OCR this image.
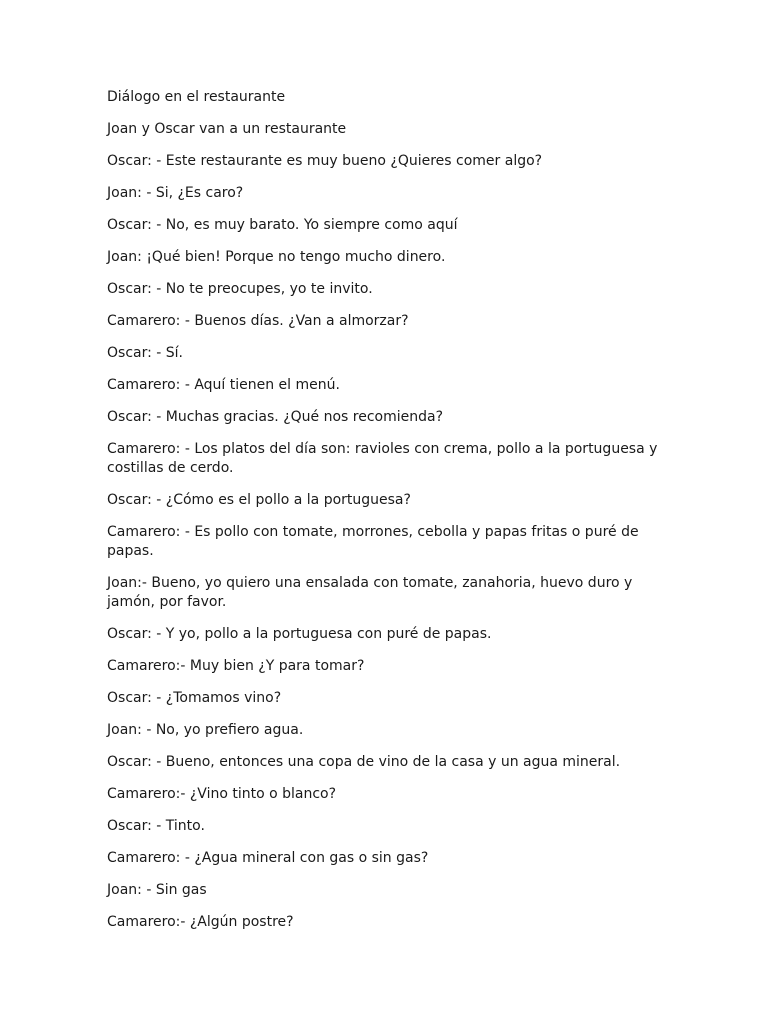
Diálogo en el restaurante

Joan y Oscar van a un restaurante

Oscar: - Este restaurante es muy bueno ¿Quieres comer algo?

Joan: - Si, ¿Es caro?

Oscar: - No, es muy barato. Yo siempre como aquí

Joan: ¡Qué bien! Porque no tengo mucho dinero.

Oscar: - No te preocupes, yo te invito.

Camarero: - Buenos días. ¿Van a almorzar?

Oscar: - Sí.

Camarero: - Aquí tienen el menú.

Oscar: - Muchas gracias. ¿Qué nos recomienda?

Camarero: - Los platos del día son: ravioles con crema, pollo a la portuguesa y costillas de cerdo.

Oscar: - ¿Cómo es el pollo a la portuguesa?

Camarero: - Es pollo con tomate, morrones, cebolla y papas fritas o puré de papas.

Joan:- Bueno, yo quiero una ensalada con tomate, zanahoria, huevo duro y jamón, por favor.

Oscar: - Y yo, pollo a la portuguesa con puré de papas.

Camarero:- Muy bien ¿Y para tomar?

Oscar: - ¿Tomamos vino?

Joan: - No, yo prefiero agua.

Oscar: - Bueno, entonces una copa de vino de la casa y un agua mineral.

Camarero:- ¿Vino tinto o blanco?

Oscar: - Tinto.

Camarero: - ¿Agua mineral con gas o sin gas?

Joan: - Sin gas

Camarero:- ¿Algún postre?
